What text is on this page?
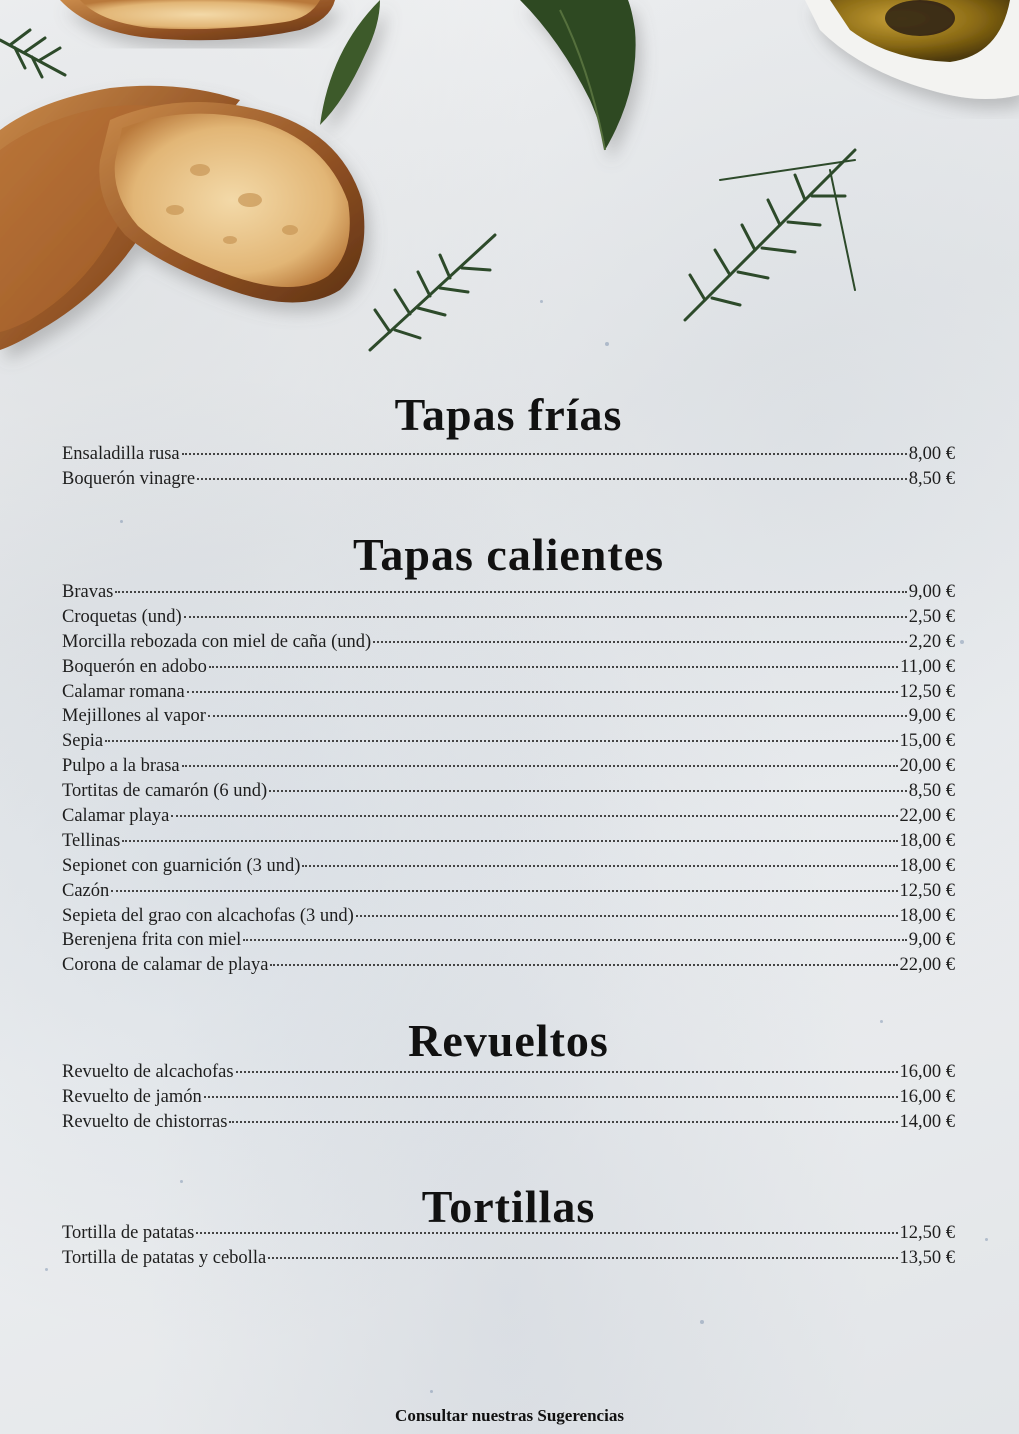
Tapas frías
Ensaladilla rusa	8,00 €
Boquerón vinagre	8,50 €
Tapas calientes
Bravas	9,00 €
Croquetas (und)	2,50 €
Morcilla rebozada con miel de caña (und)	2,20 €
Boquerón en adobo	11,00 €
Calamar romana	12,50 €
Mejillones al vapor	9,00 €
Sepia	15,00 €
Pulpo a la brasa	20,00 €
Tortitas de camarón (6 und)	8,50 €
Calamar playa	22,00 €
Tellinas	18,00 €
Sepionet con guarnición (3 und)	18,00 €
Cazón	12,50 €
Sepieta del grao con alcachofas (3 und)	18,00 €
Berenjena frita con miel	9,00 €
Corona de calamar de playa	22,00 €
Revueltos
Revuelto de alcachofas	16,00 €
Revuelto de jamón	16,00 €
Revuelto de chistorras	14,00 €
Tortillas
Tortilla de patatas	12,50 €
Tortilla de patatas y cebolla	13,50 €
Consultar nuestras Sugerencias
